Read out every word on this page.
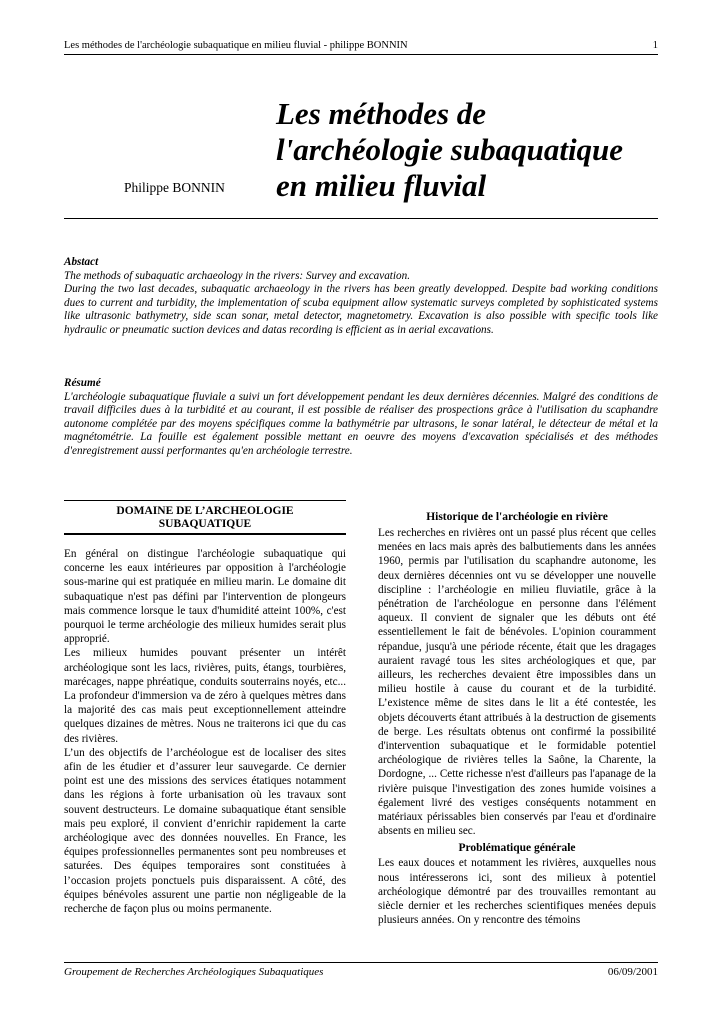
Les méthodes de l'archéologie subaquatique en milieu fluvial - philippe BONNIN	1
Philippe BONNIN
Les méthodes de
l'archéologie subaquatique
en milieu fluvial

Abstact

The methods of subaquatic archaeology in the rivers: Survey and excavation.

During the two last decades, subaquatic archaeology in the rivers has been greatly developped. Despite bad working conditions dues to current and turbidity, the implementation of scuba equipment allow systematic surveys completed by sophisticated systems like ultrasonic bathymetry, side scan sonar, metal detector, magnetometry. Excavation is also possible with specific tools like hydraulic or pneumatic suction devices and datas recording is efficient as in aerial excavations.

Résumé

L'archéologie subaquatique fluviale a suivi un fort développement pendant les deux dernières décennies. Malgré des conditions de travail difficiles dues à la turbidité et au courant, il est possible de réaliser des prospections grâce à l'utilisation du scaphandre autonome complétée par des moyens spécifiques comme la bathymétrie par ultrasons, le sonar latéral, le détecteur de métal et la magnétométrie. La fouille est également possible mettant en oeuvre des moyens d'excavation spécialisés et des méthodes d'enregistrement aussi performantes qu'en archéologie terrestre.

DOMAINE DE L’ARCHEOLOGIE
SUBAQUATIQUE

En général on distingue l'archéologie subaquatique qui concerne les eaux intérieures par opposition à l'archéologie sous-marine qui est pratiquée en milieu marin. Le domaine dit subaquatique n'est pas défini par l'intervention de plongeurs mais commence lorsque le taux d'humidité atteint 100%, c'est pourquoi le terme archéologie des milieux humides serait plus approprié.

Les milieux humides pouvant présenter un intérêt archéologique sont les lacs, rivières, puits, étangs, tourbières, marécages, nappe phréatique, conduits souterrains noyés, etc... La profondeur d'immersion va de zéro à quelques mètres dans la majorité des cas mais peut exceptionnellement atteindre quelques dizaines de mètres. Nous ne traiterons ici que du cas des rivières.

L’un des objectifs de l’archéologue est de localiser des sites afin de les étudier et d’assurer leur sauvegarde. Ce dernier point est une des missions des services étatiques notamment dans les régions à forte urbanisation où les travaux sont souvent destructeurs. Le domaine subaquatique étant sensible mais peu exploré, il convient d’enrichir rapidement la carte archéologique avec des données nouvelles. En France, les équipes professionnelles permanentes sont peu nombreuses et saturées. Des équipes temporaires sont constituées à l’occasion projets ponctuels puis disparaissent. A côté, des équipes bénévoles assurent une partie non négligeable de la recherche de façon plus ou moins permanente.

Historique de l'archéologie en rivière

Les recherches en rivières ont un passé plus récent que celles menées en lacs mais après des balbutiements dans les années 1960, permis par l'utilisation du scaphandre autonome, les deux dernières décennies ont vu se développer une nouvelle discipline : l’archéologie en milieu fluviatile, grâce à la pénétration de l'archéologue en personne dans l'élément aqueux. Il convient de signaler que les débuts ont été essentiellement le fait de bénévoles. L'opinion couramment répandue, jusqu'à une période récente, était que les dragages auraient ravagé tous les sites archéologiques et que, par ailleurs, les recherches devaient être impossibles dans un milieu hostile à cause du courant et de la turbidité. L’existence même de sites dans le lit a été contestée, les objets découverts étant attribués à la destruction de gisements de berge. Les résultats obtenus ont confirmé la possibilité d'intervention subaquatique et le formidable potentiel archéologique de rivières telles la Saône, la Charente, la Dordogne, ... Cette richesse n'est d'ailleurs pas l'apanage de la rivière puisque l'investigation des zones humide voisines a également livré des vestiges conséquents notamment en matériaux périssables bien conservés par l'eau et d'ordinaire absents en milieu sec.

Problématique générale

Les eaux douces et notamment les rivières, auxquelles nous nous intéresserons ici, sont des milieux à potentiel archéologique démontré par des trouvailles remontant au siècle dernier et les recherches scientifiques menées depuis plusieurs années. On y rencontre des témoins

Groupement de Recherches Archéologiques Subaquatiques	06/09/2001
